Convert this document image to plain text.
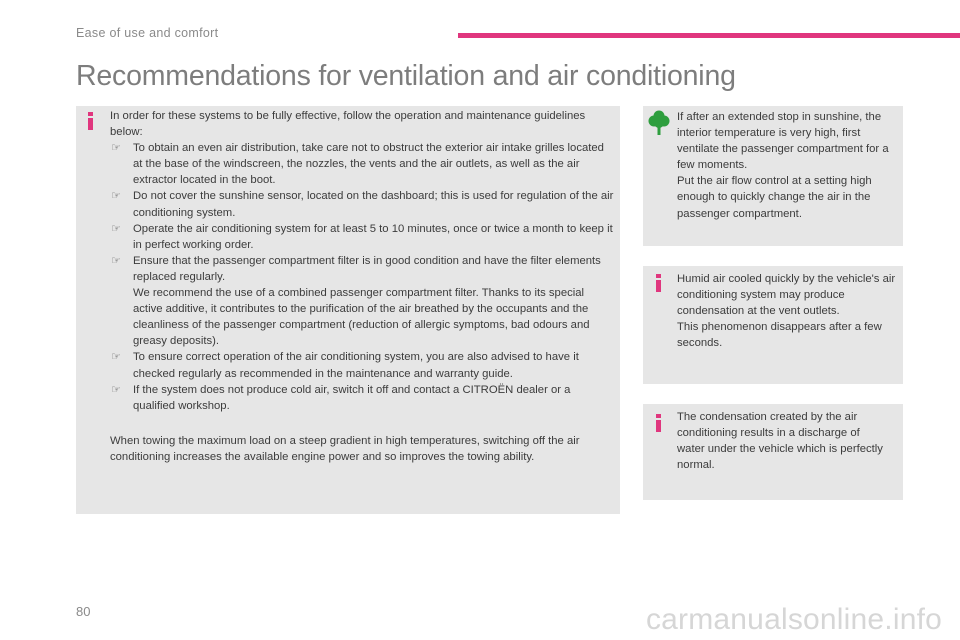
Ease of use and comfort
Recommendations for ventilation and air conditioning

In order for these systems to be fully effective, follow the operation and maintenance guidelines below:

☞ To obtain an even air distribution, take care not to obstruct the exterior air intake grilles located at the base of the windscreen, the nozzles, the vents and the air outlets, as well as the air extractor located in the boot.
☞ Do not cover the sunshine sensor, located on the dashboard; this is used for regulation of the air conditioning system.
☞ Operate the air conditioning system for at least 5 to 10 minutes, once or twice a month to keep it in perfect working order.
☞ Ensure that the passenger compartment filter is in good condition and have the filter elements replaced regularly.

We recommend the use of a combined passenger compartment filter. Thanks to its special active additive, it contributes to the purification of the air breathed by the occupants and the cleanliness of the passenger compartment (reduction of allergic symptoms, bad odours and greasy deposits).

☞ To ensure correct operation of the air conditioning system, you are also advised to have it checked regularly as recommended in the maintenance and warranty guide.
☞ If the system does not produce cold air, switch it off and contact a CITROËN dealer or a qualified workshop.

When towing the maximum load on a steep gradient in high temperatures, switching off the air conditioning increases the available engine power and so improves the towing ability.

If after an extended stop in sunshine, the interior temperature is very high, first ventilate the passenger compartment for a few moments.

Put the air flow control at a setting high enough to quickly change the air in the passenger compartment.

Humid air cooled quickly by the vehicle's air conditioning system may produce condensation at the vent outlets.

This phenomenon disappears after a few seconds.

The condensation created by the air conditioning results in a discharge of water under the vehicle which is perfectly normal.

80	carmanualsonline.info
